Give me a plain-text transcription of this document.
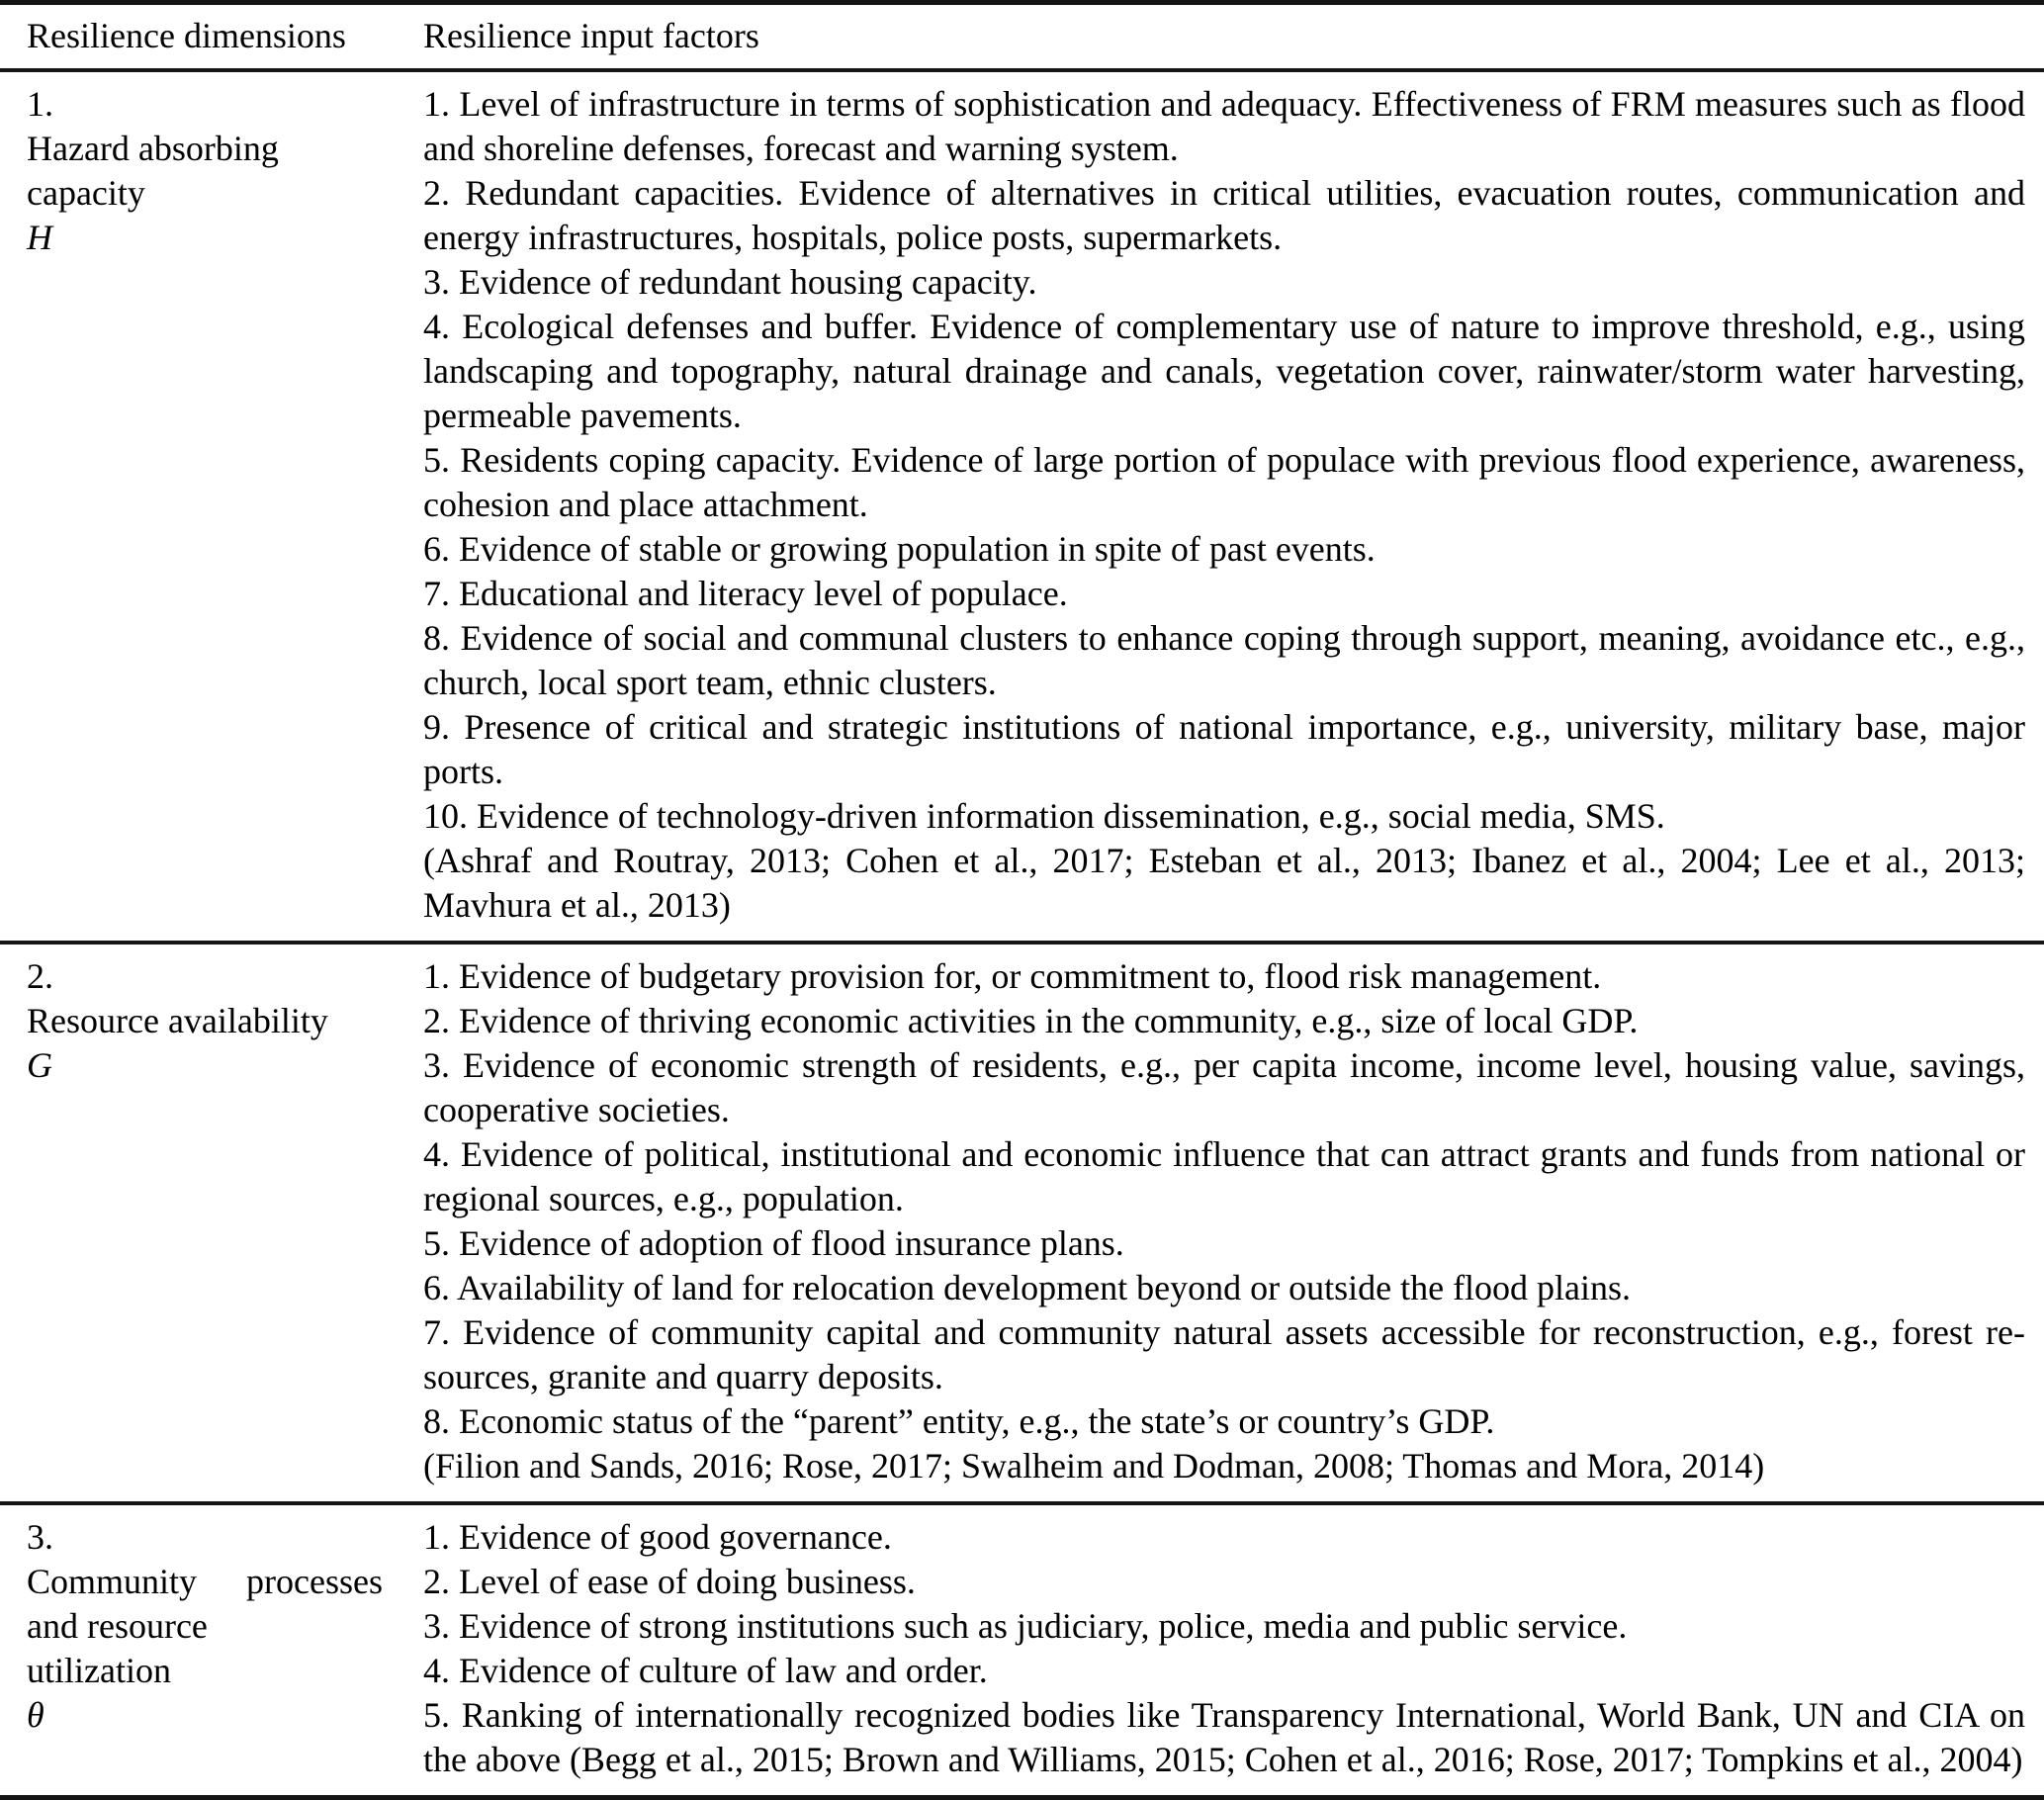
Resilience dimensions	Resilience input factors
1.
Hazard absorbing
capacity
H

1. Level of infrastructure in terms of sophistication and adequacy. Effectiveness of FRM measures such as flood and shoreline defenses, forecast and warning system.

2. Redundant capacities. Evidence of alternatives in critical utilities, evacuation routes, communication and energy infrastructures, hospitals, police posts, supermarkets.

3. Evidence of redundant housing capacity.

4. Ecological defenses and buffer. Evidence of complementary use of nature to improve threshold, e.g., using landscaping and topography, natural drainage and canals, vegetation cover, rainwater/storm water harvesting, permeable pavements.

5. Residents coping capacity. Evidence of large portion of populace with previous flood experience, awareness, cohesion and place attachment.

6. Evidence of stable or growing population in spite of past events.

7. Educational and literacy level of populace.

8. Evidence of social and communal clusters to enhance coping through support, meaning, avoidance etc., e.g., church, local sport team, ethnic clusters.

9. Presence of critical and strategic institutions of national importance, e.g., university, military base, major ports.

10. Evidence of technology-driven information dissemination, e.g., social media, SMS.

(Ashraf and Routray, 2013; Cohen et al., 2017; Esteban et al., 2013; Ibanez et al., 2004; Lee et al., 2013; Mavhura et al., 2013)

2.
Resource availability
G

1. Evidence of budgetary provision for, or commitment to, flood risk management.

2. Evidence of thriving economic activities in the community, e.g., size of local GDP.

3. Evidence of economic strength of residents, e.g., per capita income, income level, housing value, savings, cooperative societies.

4. Evidence of political, institutional and economic influence that can attract grants and funds from national or regional sources, e.g., population.

5. Evidence of adoption of flood insurance plans.

6. Availability of land for relocation development beyond or outside the flood plains.

7. Evidence of community capital and community natural assets accessible for reconstruction, e.g., forest resources, granite and quarry deposits.

8. Economic status of the “parent” entity, e.g., the state’s or country’s GDP.

(Filion and Sands, 2016; Rose, 2017; Swalheim and Dodman, 2008; Thomas and Mora, 2014)

3.
Community processes
and resource
utilization
θ

1. Evidence of good governance.

2. Level of ease of doing business.

3. Evidence of strong institutions such as judiciary, police, media and public service.

4. Evidence of culture of law and order.

5. Ranking of internationally recognized bodies like Transparency International, World Bank, UN and CIA on the above (Begg et al., 2015; Brown and Williams, 2015; Cohen et al., 2016; Rose, 2017; Tompkins et al., 2004)
